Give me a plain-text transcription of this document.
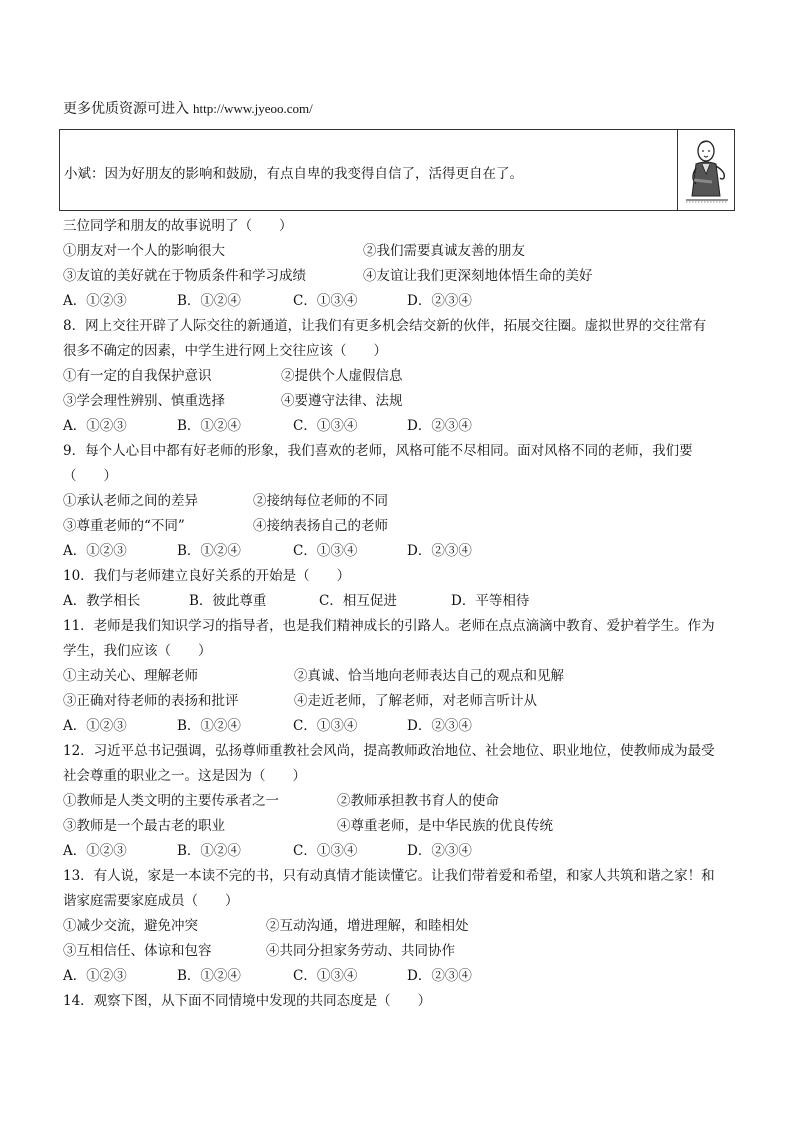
更多优质资源可进入 http://www.jyeoo.com/
小斌：因为好朋友的影响和鼓励，有点自卑的我变得自信了，活得更自在了。
三位同学和朋友的故事说明了（　　）
①朋友对一个人的影响很大	②我们需要真诚友善的朋友
③友谊的美好就在于物质条件和学习成绩	④友谊让我们更深刻地体悟生命的美好
A．①②③	B．①②④	C．①③④	D．②③④
8．网上交往开辟了人际交往的新通道，让我们有更多机会结交新的伙伴，拓展交往圈。虚拟世界的交往常有
很多不确定的因素，中学生进行网上交往应该（　　）
①有一定的自我保护意识	②提供个人虚假信息
③学会理性辨别、慎重选择	④要遵守法律、法规
A．①②③	B．①②④	C．①③④	D．②③④
9．每个人心目中都有好老师的形象，我们喜欢的老师，风格可能不尽相同。面对风格不同的老师，我们要
（　　）
①承认老师之间的差异	②接纳每位老师的不同
③尊重老师的“不同”	④接纳表扬自己的老师
A．①②③	B．①②④	C．①③④	D．②③④
10．我们与老师建立良好关系的开始是（　　）
A．教学相长	B．彼此尊重	C．相互促进	D．平等相待
11．老师是我们知识学习的指导者，也是我们精神成长的引路人。老师在点点滴滴中教育、爱护着学生。作为
学生，我们应该（　　）
①主动关心、理解老师	②真诚、恰当地向老师表达自己的观点和见解
③正确对待老师的表扬和批评	④走近老师，了解老师，对老师言听计从
A．①②③	B．①②④	C．①③④	D．②③④
12．习近平总书记强调，弘扬尊师重教社会风尚，提高教师政治地位、社会地位、职业地位，使教师成为最受
社会尊重的职业之一。这是因为（　　）
①教师是人类文明的主要传承者之一	②教师承担教书育人的使命
③教师是一个最古老的职业	④尊重老师，是中华民族的优良传统
A．①②③	B．①②④	C．①③④	D．②③④
13．有人说，家是一本读不完的书，只有动真情才能读懂它。让我们带着爱和希望，和家人共筑和谐之家！和
谐家庭需要家庭成员（　　）
①减少交流，避免冲突	②互动沟通，增进理解，和睦相处
③互相信任、体谅和包容	④共同分担家务劳动、共同协作
A．①②③	B．①②④	C．①③④	D．②③④
14．观察下图，从下面不同情境中发现的共同态度是（　　）
